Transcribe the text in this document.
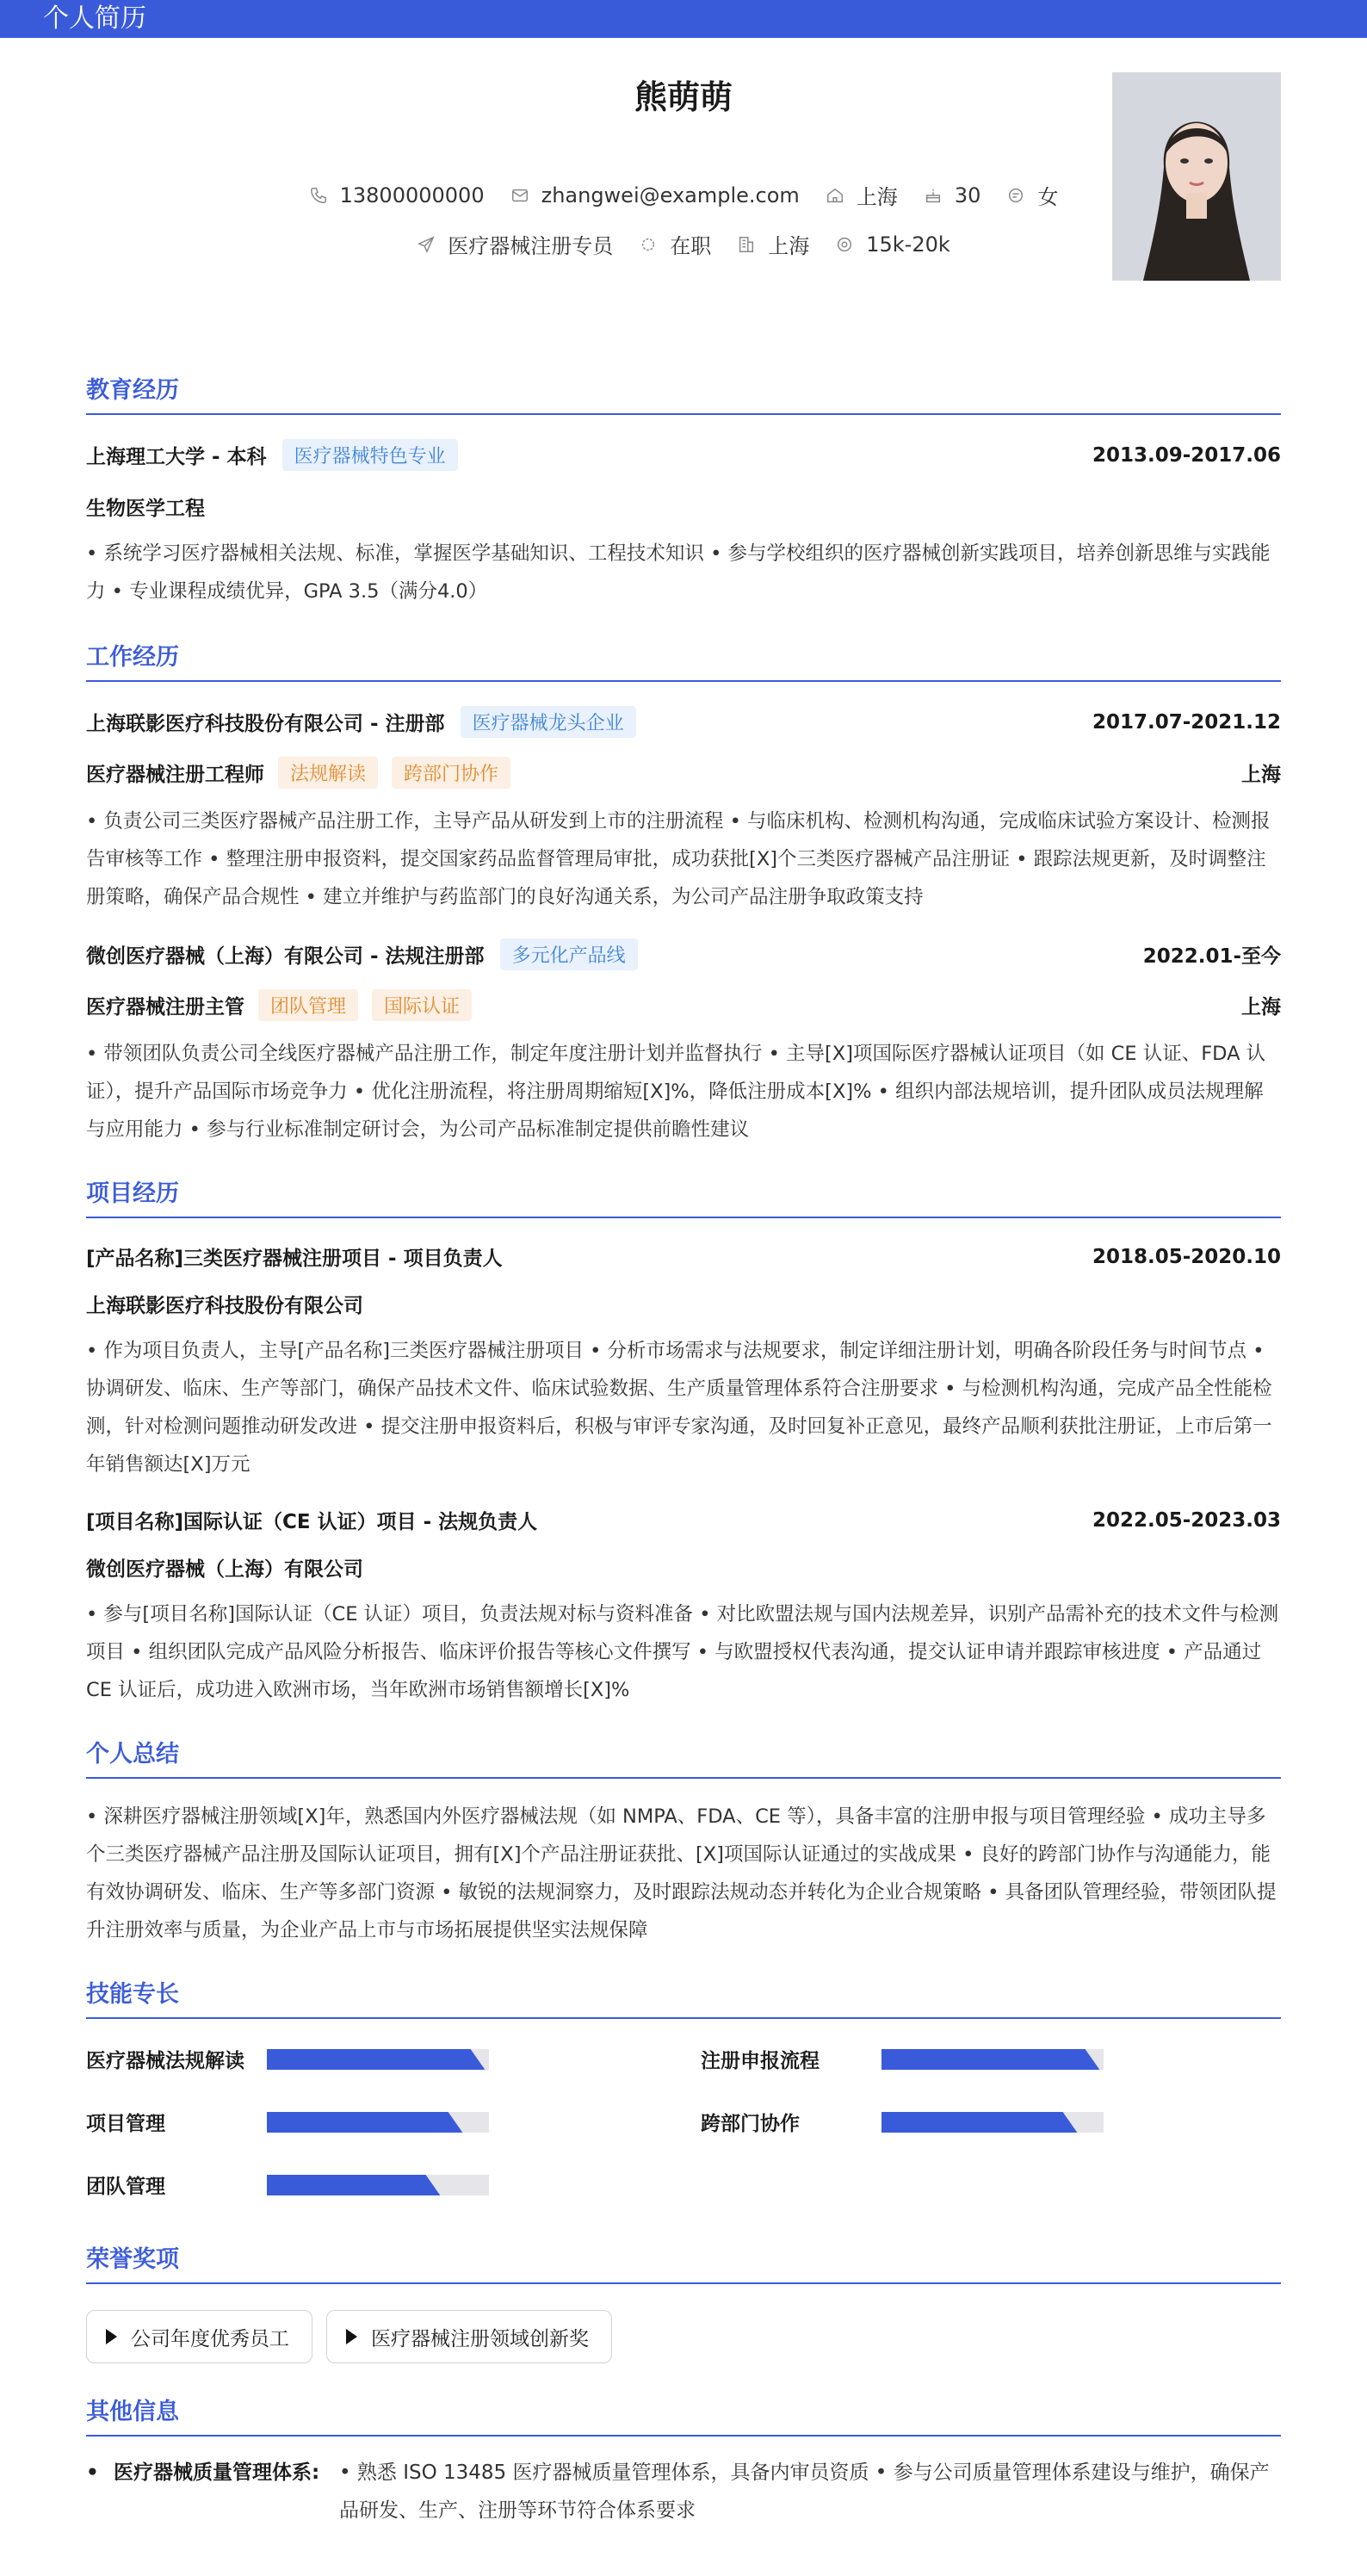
个人简历
熊萌萌
13800000000	zhangwei@example.com	上海	30	女
医疗器械注册专员	在职	上海	15k-20k
教育经历
上海理工大学 - 本科	医疗器械特色专业	2013.09-2017.06
生物医学工程
• 系统学习医疗器械相关法规、标准，掌握医学基础知识、工程技术知识 • 参与学校组织的医疗器械创新实践项目，培养创新思维与实践能力 • 专业课程成绩优异，GPA 3.5（满分4.0）
工作经历
上海联影医疗科技股份有限公司 - 注册部	医疗器械龙头企业	2017.07-2021.12
医疗器械注册工程师	法规解读	跨部门协作	上海
• 负责公司三类医疗器械产品注册工作，主导产品从研发到上市的注册流程 • 与临床机构、检测机构沟通，完成临床试验方案设计、检测报告审核等工作 • 整理注册申报资料，提交国家药品监督管理局审批，成功获批[X]个三类医疗器械产品注册证 • 跟踪法规更新，及时调整注册策略，确保产品合规性 • 建立并维护与药监部门的良好沟通关系，为公司产品注册争取政策支持
微创医疗器械（上海）有限公司 - 法规注册部	多元化产品线	2022.01-至今
医疗器械注册主管	团队管理	国际认证	上海
• 带领团队负责公司全线医疗器械产品注册工作，制定年度注册计划并监督执行 • 主导[X]项国际医疗器械认证项目（如 CE 认证、FDA 认证），提升产品国际市场竞争力 • 优化注册流程，将注册周期缩短[X]%，降低注册成本[X]% • 组织内部法规培训，提升团队成员法规理解与应用能力 • 参与行业标准制定研讨会，为公司产品标准制定提供前瞻性建议
项目经历
[产品名称]三类医疗器械注册项目 - 项目负责人	2018.05-2020.10
上海联影医疗科技股份有限公司
• 作为项目负责人，主导[产品名称]三类医疗器械注册项目 • 分析市场需求与法规要求，制定详细注册计划，明确各阶段任务与时间节点 • 协调研发、临床、生产等部门，确保产品技术文件、临床试验数据、生产质量管理体系符合注册要求 • 与检测机构沟通，完成产品全性能检测，针对检测问题推动研发改进 • 提交注册申报资料后，积极与审评专家沟通，及时回复补正意见，最终产品顺利获批注册证，上市后第一年销售额达[X]万元
[项目名称]国际认证（CE 认证）项目 - 法规负责人	2022.05-2023.03
微创医疗器械（上海）有限公司
• 参与[项目名称]国际认证（CE 认证）项目，负责法规对标与资料准备 • 对比欧盟法规与国内法规差异，识别产品需补充的技术文件与检测项目 • 组织团队完成产品风险分析报告、临床评价报告等核心文件撰写 • 与欧盟授权代表沟通，提交认证申请并跟踪审核进度 • 产品通过 CE 认证后，成功进入欧洲市场，当年欧洲市场销售额增长[X]%
个人总结
• 深耕医疗器械注册领域[X]年，熟悉国内外医疗器械法规（如 NMPA、FDA、CE 等），具备丰富的注册申报与项目管理经验 • 成功主导多个三类医疗器械产品注册及国际认证项目，拥有[X]个产品注册证获批、[X]项国际认证通过的实战成果 • 良好的跨部门协作与沟通能力，能有效协调研发、临床、生产等多部门资源 • 敏锐的法规洞察力，及时跟踪法规动态并转化为企业合规策略 • 具备团队管理经验，带领团队提升注册效率与质量，为企业产品上市与市场拓展提供坚实法规保障
技能专长
医疗器械法规解读	注册申报流程
项目管理	跨部门协作
团队管理
荣誉奖项
公司年度优秀员工	医疗器械注册领域创新奖
其他信息
• 医疗器械质量管理体系: • 熟悉 ISO 13485 医疗器械质量管理体系，具备内审员资质 • 参与公司质量管理体系建设与维护，确保产品研发、生产、注册等环节符合体系要求
